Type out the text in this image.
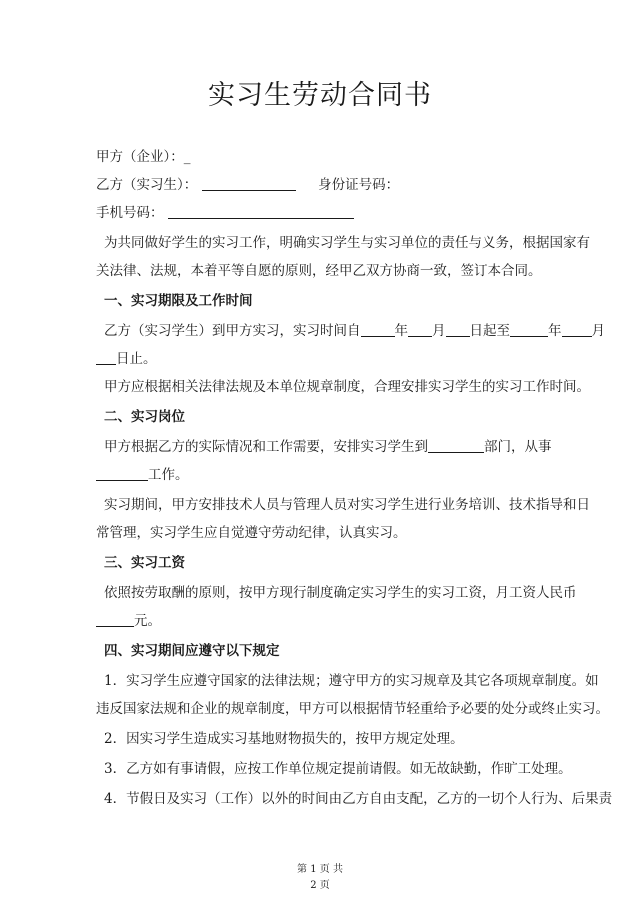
实习生劳动合同书
甲方（企业）：_
乙方（实习生）：	身份证号码：
手机号码：
为共同做好学生的实习工作，明确实习学生与实习单位的责任与义务，根据国家有
关法律、法规，本着平等自愿的原则，经甲乙双方协商一致，签订本合同。
一、实习期限及工作时间
乙方（实习学生）到甲方实习，实习时间自	年 月 日起至	年 月
日止。
甲方应根据相关法律法规及本单位规章制度，合理安排实习学生的实习工作时间。
二、实习岗位
甲方根据乙方的实际情况和工作需要，安排实习学生到	部门，从事
工作。
实习期间，甲方安排技术人员与管理人员对实习学生进行业务培训、技术指导和日
常管理，实习学生应自觉遵守劳动纪律，认真实习。
三、实习工资
依照按劳取酬的原则，按甲方现行制度确定实习学生的实习工资，月工资人民币
元。
四、实习期间应遵守以下规定
1．实习学生应遵守国家的法律法规；遵守甲方的实习规章及其它各项规章制度。如
违反国家法规和企业的规章制度，甲方可以根据情节轻重给予必要的处分或终止实习。
2．因实习学生造成实习基地财物损失的，按甲方规定处理。
3．乙方如有事请假，应按工作单位规定提前请假。如无故缺勤，作旷工处理。
4．节假日及实习（工作）以外的时间由乙方自由支配，乙方的一切个人行为、后果责
第 1 页 共
2 页
